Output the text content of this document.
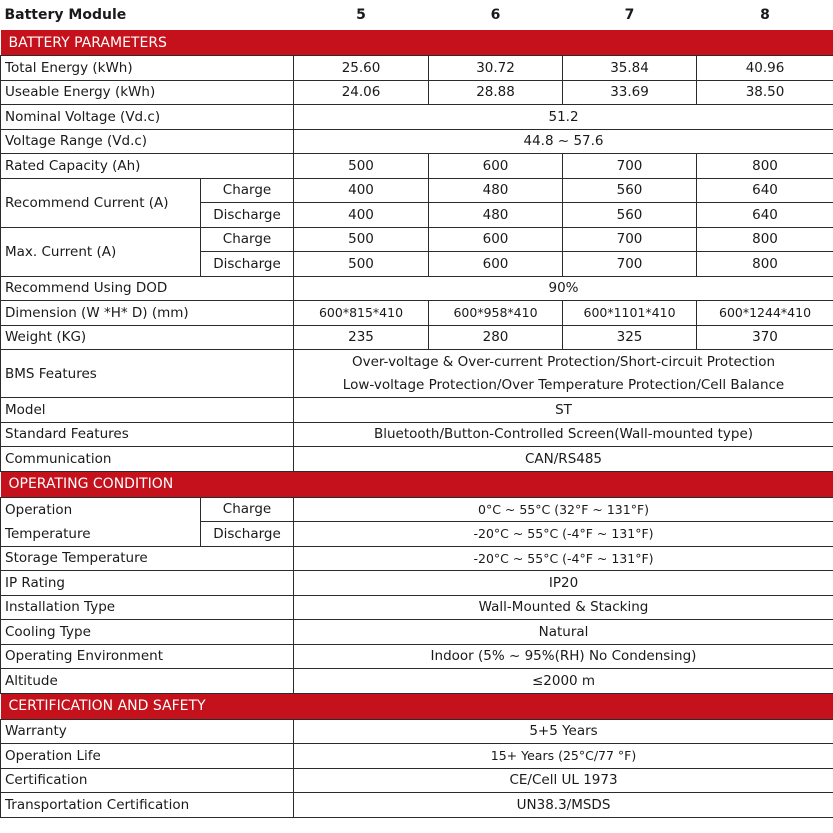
Battery Module		5	6	7	8
BATTERY PARAMETERS					
Total Energy (kWh)		25.60	30.72	35.84	40.96
Useable Energy (kWh)		24.06	28.88	33.69	38.50
Nominal Voltage (Vd.c)		51.2			
Voltage Range (Vd.c)		44.8 ~ 57.6			
Rated Capacity (Ah)		500	600	700	800
Recommend Current (A)	Charge	400	480	560	640
	Discharge	400	480	560	640
Max. Current (A)	Charge	500	600	700	800
	Discharge	500	600	700	800
Recommend Using DOD		90%			
Dimension (W *H* D) (mm)		600*815*410	600*958*410	600*1101*410	600*1244*410
Weight (KG)		235	280	325	370
BMS Features		Over-voltage & Over-current Protection/Short-circuit Protection			
		Low-voltage Protection/Over Temperature Protection/Cell Balance			
Model		ST			
Standard Features		Bluetooth/Button-Controlled Screen(Wall-mounted type)			
Communication		CAN/RS485			
OPERATING CONDITION					
Operation	Charge	0°C ~ 55°C (32°F ~ 131°F)			
Temperature	Discharge	-20°C ~ 55°C (-4°F ~ 131°F)			
Storage Temperature		-20°C ~ 55°C (-4°F ~ 131°F)			
IP Rating		IP20			
Installation Type		Wall-Mounted & Stacking			
Cooling Type		Natural			
Operating Environment		Indoor (5% ~ 95%(RH) No Condensing)			
Altitude		≤2000 m			
CERTIFICATION AND SAFETY					
Warranty		5+5 Years			
Operation Life		15+ Years (25°C/77 °F)			
Certification		CE/Cell UL 1973			
Transportation Certification		UN38.3/MSDS			
